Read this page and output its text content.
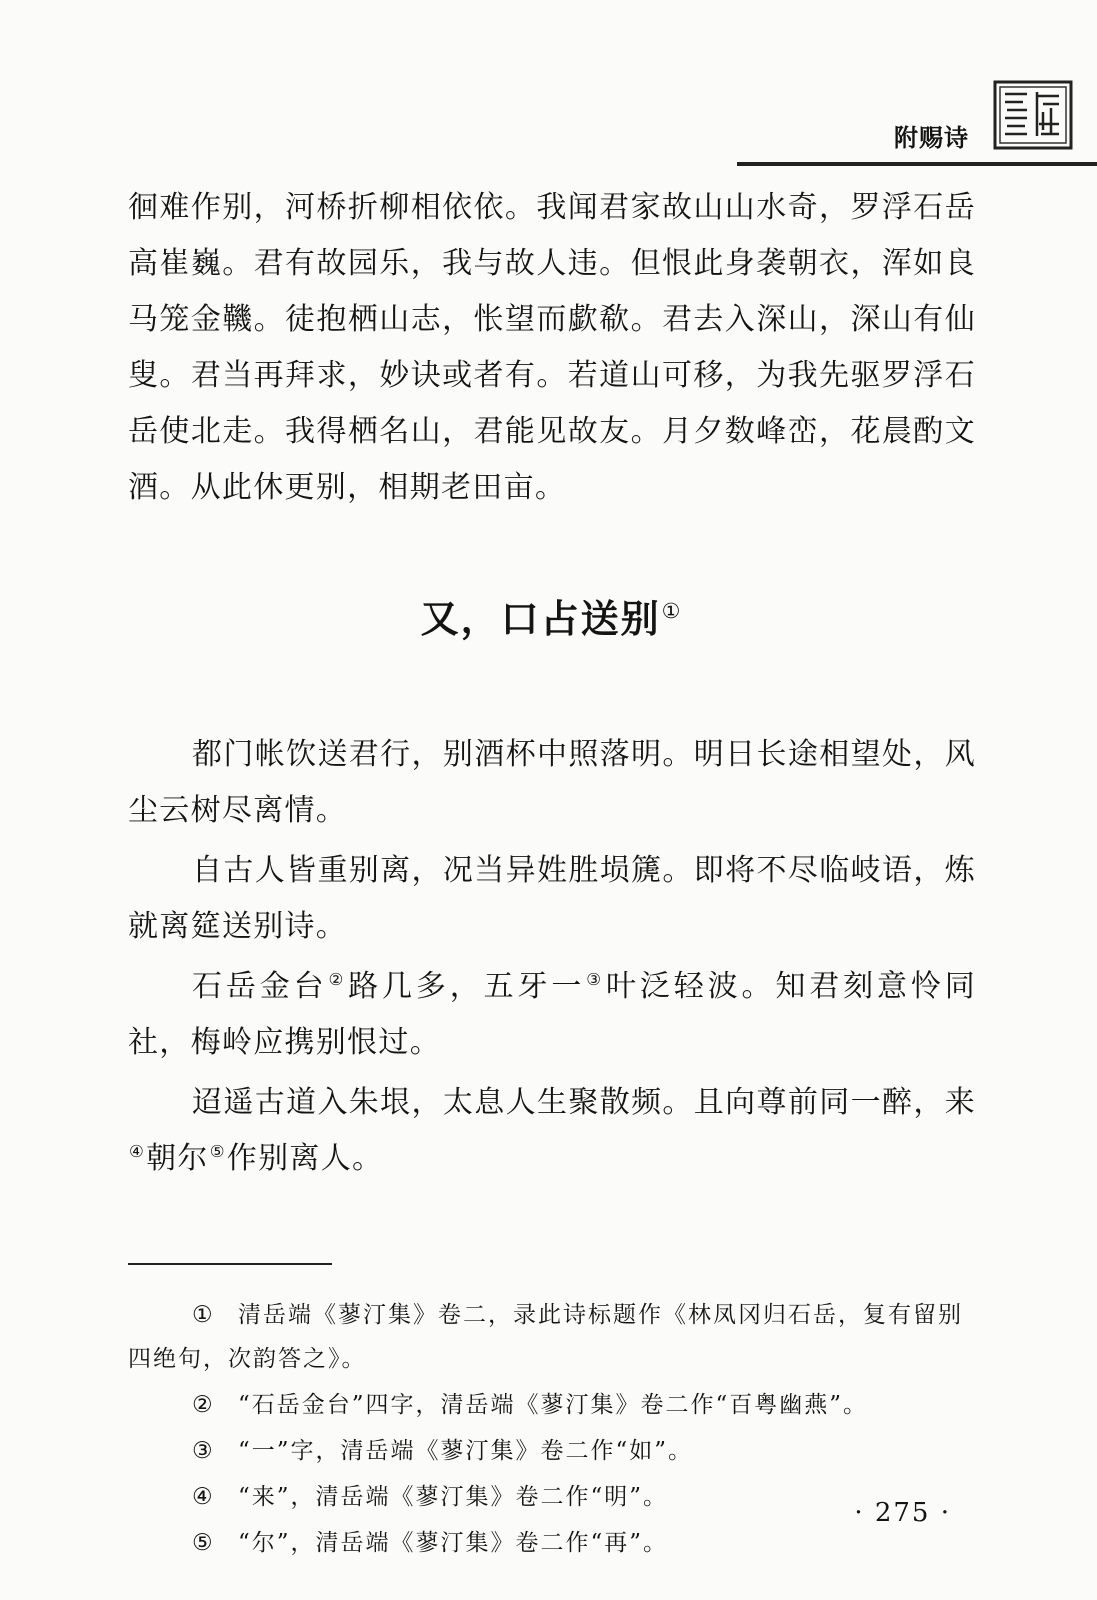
附赐诗

徊难作别，河桥折柳相依依。我闻君家故山山水奇，罗浮石岳高崔巍。君有故园乐，我与故人违。但恨此身袭朝衣，浑如良马笼金鞿。徒抱栖山志，怅望而歔欷。君去入深山，深山有仙叟。君当再拜求，妙诀或者有。若道山可移，为我先驱罗浮石岳使北走。我得栖名山，君能见故友。月夕数峰峦，花晨酌文酒。从此休更别，相期老田亩。

又，口占送别①

都门帐饮送君行，别酒杯中照落明。明日长途相望处，风尘云树尽离情。

自古人皆重别离，况当异姓胜埙篪。即将不尽临岐语，炼就离筵送别诗。

石岳金台②路几多，五牙一③叶泛轻波。知君刻意怜同社，梅岭应携别恨过。

迢遥古道入朱垠，太息人生聚散频。且向尊前同一醉，来④朝尔⑤作别离人。

① 清岳端《蓼汀集》卷二，录此诗标题作《林凤冈归石岳，复有留别四绝句，次韵答之》。

② “石岳金台”四字，清岳端《蓼汀集》卷二作“百粤幽燕”。

③ “一”字，清岳端《蓼汀集》卷二作“如”。

④ “来”，清岳端《蓼汀集》卷二作“明”。

⑤ “尔”，清岳端《蓼汀集》卷二作“再”。

· 275 ·
